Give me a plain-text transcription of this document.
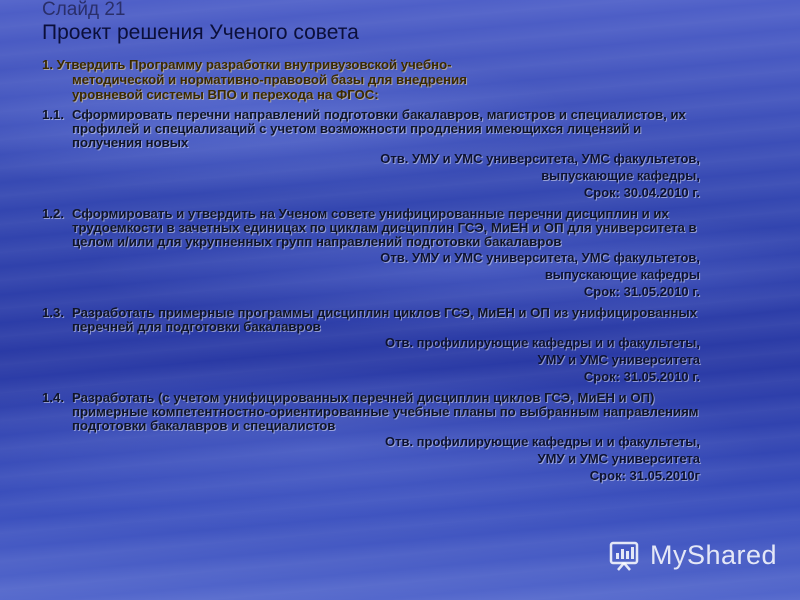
Слайд 21
Проект решения Ученого совета
1. Утвердить Программу разработки внутривузовской учебно-
методической и нормативно-правовой базы для внедрения
уровневой системы ВПО и перехода на ФГОС:
1.1. Сформировать перечни направлений подготовки бакалавров, магистров и специалистов, их профилей и специализаций с учетом возможности продления имеющихся лицензий и получения новых
Отв. УМУ и УМС университета, УМС факультетов,
выпускающие кафедры,
Срок: 30.04.2010 г.
1.2. Сформировать и утвердить на Ученом совете унифицированные перечни дисциплин и их трудоемкости в зачетных единицах по циклам дисциплин ГСЭ, МиЕН и ОП для университета в целом и/или для укрупненных групп направлений подготовки бакалавров
Отв. УМУ и УМС университета, УМС факультетов,
выпускающие кафедры
Срок: 31.05.2010 г.
1.3. Разработать примерные программы дисциплин циклов ГСЭ, МиЕН и ОП из унифицированных перечней для подготовки бакалавров
Отв. профилирующие кафедры и и факультеты,
УМУ и УМС университета
Срок: 31.05.2010 г.
1.4. Разработать (с учетом унифицированных перечней дисциплин циклов ГСЭ, МиЕН и ОП) примерные компетентностно-ориентированные учебные планы по выбранным направлениям подготовки бакалавров и специалистов
Отв. профилирующие кафедры и и факультеты,
УМУ и УМС университета
Срок: 31.05.2010г
MyShared
